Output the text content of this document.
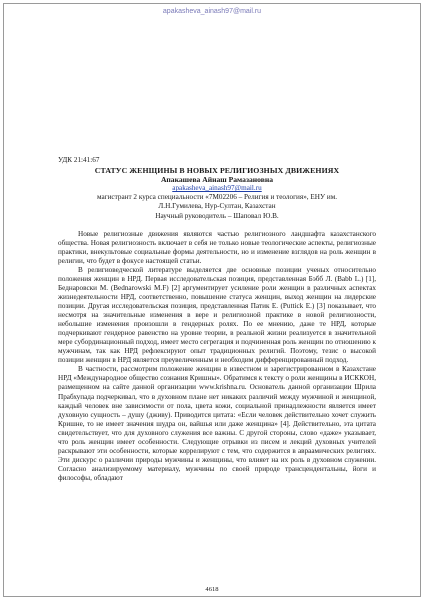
apakasheva_ainash97@mail.ru
УДК 21:41:67
СТАТУС ЖЕНЩИНЫ В НОВЫХ РЕЛИГИОЗНЫХ ДВИЖЕНИЯХ
Апакашева Айнаш Рамазановна
apakasheva_ainash97@mail.ru
магистрант 2 курса специальности «7М02206 – Религия и теология», ЕНУ им.
Л.Н.Гумилева, Нур-Султан, Казахстан
Научный руководитель – Шаповал Ю.В.

Новые религиозные движения являются частью религиозного ландшафта казахстанского общества. Новая религиозность включает в себя не только новые теологические аспекты, религиозные практики, внекультовые социальные формы деятельности, но и изменение взглядов на роль женщин в религии, что будет в фокусе настоящей статьи.

В религиоведческой литературе выделяется две основные позиции ученых относительно положения женщин в НРД. Первая исследовательская позиция, представленная Бэбб Л. (Babb L.) [1], Беднаровски М. (Bednarowski M.F) [2] аргументирует усиление роли женщин в различных аспектах жизнедеятельности НРД, соответственно, повышение статуса женщин, выход женщин на лидерские позиции. Другая исследовательская позиция, представленная Патик Е. (Puttick E.) [3] показывает, что несмотря на значительные изменения в вере и религиозной практике в новой религиозности, небольшие изменения произошли в гендерных ролях. По ее мнению, даже те НРД, которые подчеркивают гендерное равенство на уровне теории, в реальной жизни реализуется в значительной мере субординационный подход, имеет место сегрегация и подчиненная роль женщин по отношению к мужчинам, так как НРД рефлексируют опыт традиционных религий. Поэтому, тезис о высокой позиции женщин в НРД является преувеличенным и необходим дифференцированный подход.

В частности, рассмотрим положение женщин в известном и зарегистрированном в Казахстане НРД «Международное общество сознания Кришны». Обратимся к тексту о роли женщины в ИСККОН, размещенном на сайте данной организации www.krishna.ru. Основатель данной организации Шрила Прабхупада подчеркивал, что в духовном плане нет никаких различий между мужчиной и женщиной, каждый человек вне зависимости от пола, цвета кожи, социальной принадлежности является имеет духовную сущность – душу (дживу). Приводится цитата: «Если человек действительно хочет служить Кришне, то не имеет значения шудра он, вайшья или даже женщина» [4]. Действительно, эта цитата свидетельствует, что для духовного служения все важны. С другой стороны, слово «даже» указывает, что роль женщин имеет особенности. Следующие отрывки из писем и лекций духовных учителей раскрывают эти особенности, которые коррелируют с тем, что содержится в авраамических религиях. Эти дискурс о различии природы мужчины и женщины, что влияет на их роль в духовном служении. Согласно анализируемому материалу, мужчины по своей природе трансцендентальны, йоги и философы, обладают

4618
